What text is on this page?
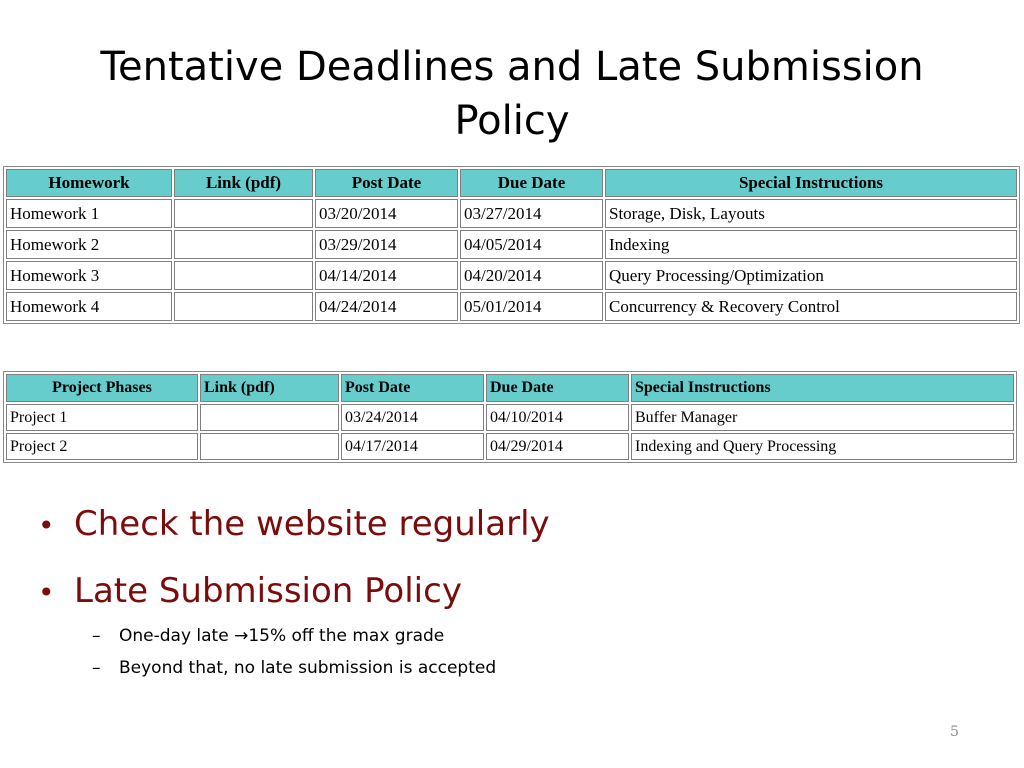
Tentative Deadlines and Late Submission
Policy
Homework	Link (pdf)	Post Date	Due Date	Special Instructions
Homework 1		03/20/2014	03/27/2014	Storage, Disk, Layouts
Homework 2		03/29/2014	04/05/2014	Indexing
Homework 3		04/14/2014	04/20/2014	Query Processing/Optimization
Homework 4		04/24/2014	05/01/2014	Concurrency & Recovery Control
Project Phases	Link (pdf)	Post Date	Due Date	Special Instructions
Project 1		03/24/2014	04/10/2014	Buffer Manager
Project 2		04/17/2014	04/29/2014	Indexing and Query Processing
• Check the website regularly
• Late Submission Policy
– One-day late →15% off the max grade
– Beyond that, no late submission is accepted
5
